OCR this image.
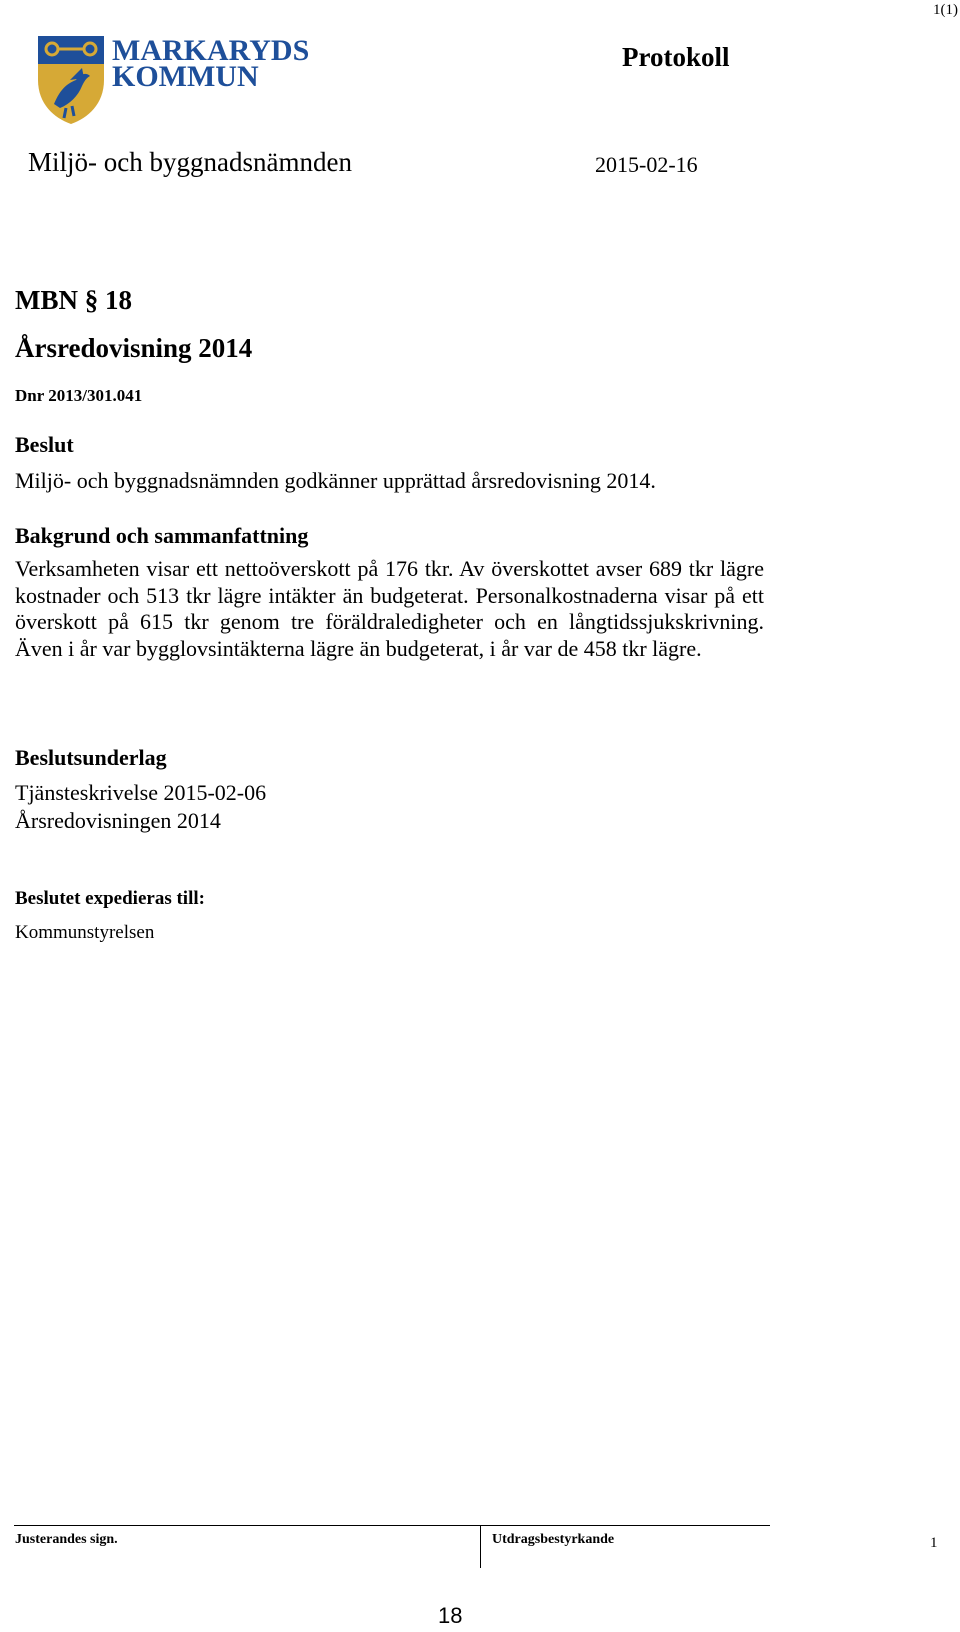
1(1)
MARKARYDS
KOMMUN
Protokoll
Miljö- och byggnadsnämnden	2015-02-16
MBN § 18
Årsredovisning 2014
Dnr 2013/301.041
Beslut
Miljö- och byggnadsnämnden godkänner upprättad årsredovisning 2014.
Bakgrund och sammanfattning
Verksamheten visar ett nettoöverskott på 176 tkr. Av överskottet avser 689 tkr lägre kostnader och 513 tkr lägre intäkter än budgeterat. Personalkostnaderna visar på ett överskott på 615 tkr genom tre föräldraledigheter och en långtidssjukskrivning. Även i år var bygglovsintäkterna lägre än budgeterat, i år var de 458 tkr lägre.
Beslutsunderlag
Tjänsteskrivelse 2015-02-06
Årsredovisningen 2014
Beslutet expedieras till:
Kommunstyrelsen
Justerandes sign.	Utdragsbestyrkande	1
18
